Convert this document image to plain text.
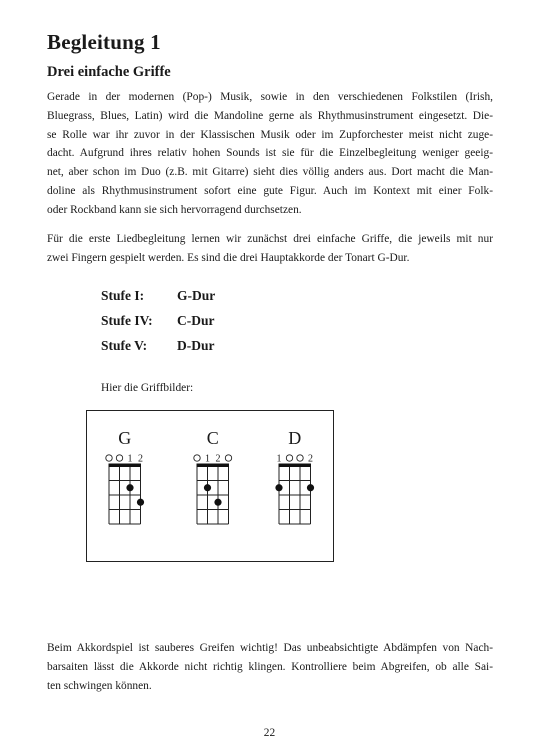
Begleitung 1
Drei einfache Griffe
Gerade in der modernen (Pop-) Musik, sowie in den verschiedenen Folkstilen (Irish,
Bluegrass, Blues, Latin) wird die Mandoline gerne als Rhythmusinstrument eingesetzt. Die-
se Rolle war ihr zuvor in der Klassischen Musik oder im Zupforchester meist nicht zuge-
dacht. Aufgrund ihres relativ hohen Sounds ist sie für die Einzelbegleitung weniger geeig-
net, aber schon im Duo (z.B. mit Gitarre) sieht dies völlig anders aus. Dort macht die Man-
doline als Rhythmusinstrument sofort eine gute Figur. Auch im Kontext mit einer Folk-
oder Rockband kann sie sich hervorragend durchsetzen.
Für die erste Liedbegleitung lernen wir zunächst drei einfache Griffe, die jeweils mit nur
zwei Fingern gespielt werden. Es sind die drei Hauptakkorde der Tonart G-Dur.
Stufe I: G-Dur
Stufe IV: C-Dur
Stufe V: D-Dur
Hier die Griffbilder:
G
1 2
C
1 2
D
1	2
Beim Akkordspiel ist sauberes Greifen wichtig! Das unbeabsichtigte Abdämpfen von Nach-
barsaiten lässt die Akkorde nicht richtig klingen. Kontrolliere beim Abgreifen, ob alle Sai-
ten schwingen können.
22
